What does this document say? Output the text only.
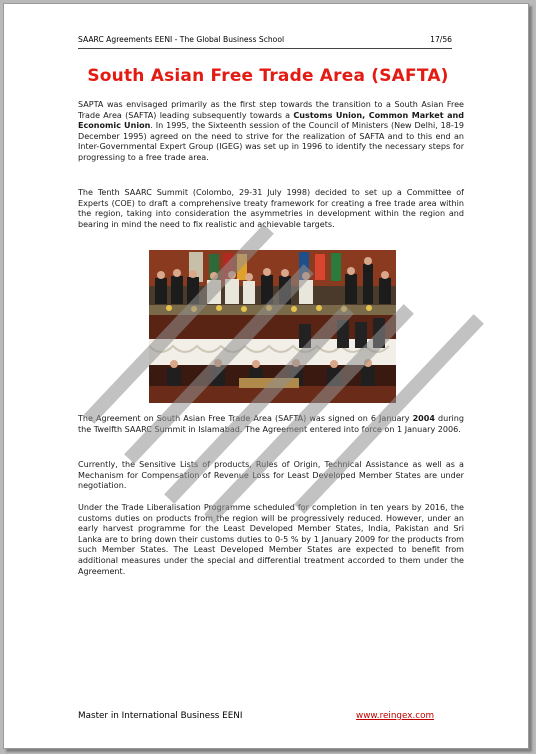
SAARC Agreements EENI - The Global Business School	17/56
South Asian Free Trade Area (SAFTA)

SAPTA was envisaged primarily as the first step towards the transition to a South Asian Free Trade Area (SAFTA) leading subsequently towards a Customs Union, Common Market and Economic Union. In 1995, the Sixteenth session of the Council of Ministers (New Delhi, 18-19 December 1995) agreed on the need to strive for the realization of SAFTA and to this end an Inter-Governmental Expert Group (IGEG) was set up in 1996 to identify the necessary steps for progressing to a free trade area.

The Tenth SAARC Summit (Colombo, 29-31 July 1998) decided to set up a Committee of Experts (COE) to draft a comprehensive treaty framework for creating a free trade area within the region, taking into consideration the asymmetries in development within the region and bearing in mind the need to fix realistic and achievable targets.

The Agreement on South Asian Free Trade Area (SAFTA) was signed on 6 January 2004 during the Twelfth SAARC Summit in Islamabad. The Agreement entered into force on 1 January 2006.

Currently, the Sensitive Lists of products, Rules of Origin, Technical Assistance as well as a Mechanism for Compensation of Revenue Loss for Least Developed Member States are under negotiation.

Under the Trade Liberalisation Programme scheduled for completion in ten years by 2016, the customs duties on products from the region will be progressively reduced. However, under an early harvest programme for the Least Developed Member States, India, Pakistan and Sri Lanka are to bring down their customs duties to 0-5 % by 1 January 2009 for the products from such Member States. The Least Developed Member States are expected to benefit from additional measures under the special and differential treatment accorded to them under the Agreement.

Master in International Business EENI	www.reingex.com
